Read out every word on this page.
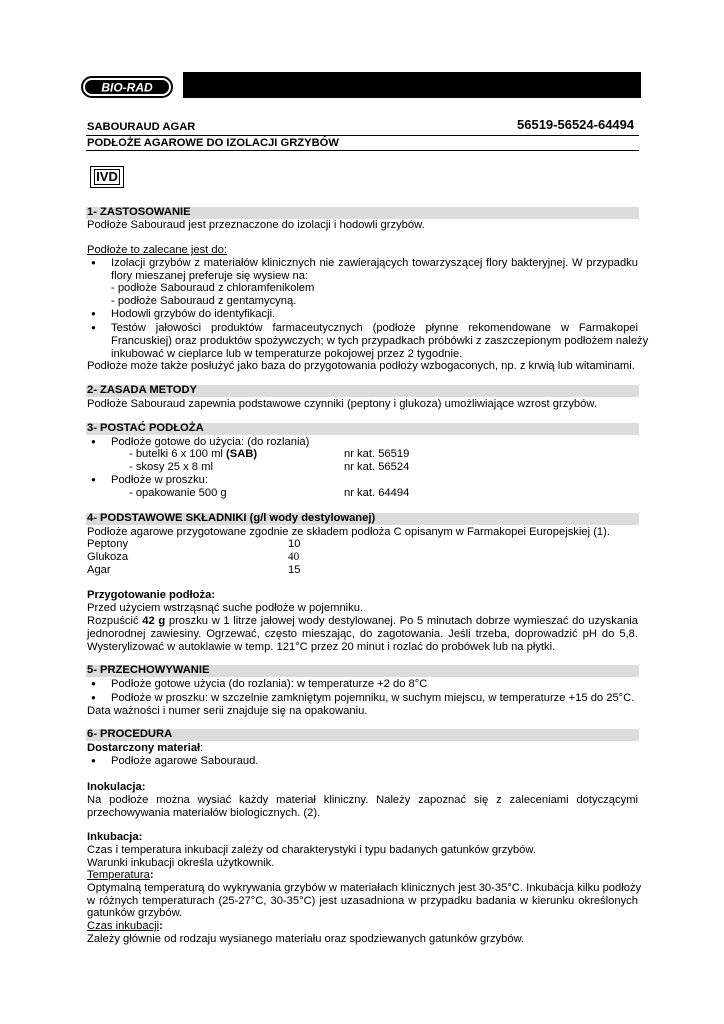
BIO-RAD
SABOURAUD AGAR	56519-56524-64494
PODŁOŻE AGAROWE DO IZOLACJI GRZYBÓW
IVD
1- ZASTOSOWANIE
Podłoże Sabouraud jest przeznaczone do izolacji i hodowli grzybów.
Podłoże to zalecane jest do:
● Izolacji grzybów z materiałów klinicznych nie zawierających towarzyszącej flory bakteryjnej. W przypadku
flory mieszanej preferuje się wysiew na:
- podłoże Sabouraud z chloramfenikolem
- podłoże Sabouraud z gentamycyną.
● Hodowli grzybów do identyfikacji.
● Testów jałowości produktów farmaceutycznych (podłoże płynne rekomendowane w Farmakopei
Francuskiej) oraz produktów spożywczych; w tych przypadkach próbówki z zaszczepionym podłożem należy
inkubować w cieplarce lub w temperaturze pokojowej przez 2 tygodnie.
Podłoże może także posłużyć jako baza do przygotowania podłoży wzbogaconych, np. z krwią lub witaminami.
2- ZASADA METODY
Podłoże Sabouraud zapewnia podstawowe czynniki (peptony i glukoza) umożliwiające wzrost grzybów.
3- POSTAĆ PODŁOŻA
● Podłoże gotowe do użycia: (do rozlania)
- butelki 6 x 100 ml (SAB)	nr kat. 56519
- skosy 25 x 8 ml	nr kat. 56524
● Podłoże w proszku:
- opakowanie 500 g	nr kat. 64494
4- PODSTAWOWE SKŁADNIKI (g/l wody destylowanej)
Podłoże agarowe przygotowane zgodnie ze składem podłoża C opisanym w Farmakopei Europejskiej (1).
Peptony	10
Glukoza	40
Agar	15
Przygotowanie podłoża:
Przed użyciem wstrząsnąć suche podłoże w pojemniku.
Rozpuścić 42 g proszku w 1 litrze jałowej wody destylowanej. Po 5 minutach dobrze wymieszać do uzyskania
jednorodnej zawiesiny. Ogrzewać, często mieszając, do zagotowania. Jeśli trzeba, doprowadzić pH do 5,8.
Wysterylizować w autoklawie w temp. 121°C przez 20 minut i rozlać do probówek lub na płytki.
5- PRZECHOWYWANIE
● Podłoże gotowe użycia (do rozlania): w temperaturze +2 do 8°C
● Podłoże w proszku: w szczelnie zamkniętym pojemniku, w suchym miejscu, w temperaturze +15 do 25°C.
Data ważności i numer serii znajduje się na opakowaniu.
6- PROCEDURA
Dostarczony materiał:
● Podłoże agarowe Sabouraud.
Inokulacja:
Na podłoże można wysiać każdy materiał kliniczny. Należy zapoznać się z zaleceniami dotyczącymi
przechowywania materiałów biologicznych. (2).
Inkubacja:
Czas i temperatura inkubacji zależy od charakterystyki i typu badanych gatunków grzybów.
Warunki inkubacji określa użytkownik.
Temperatura:
Optymalną temperaturą do wykrywania grzybów w materiałach klinicznych jest 30-35°C. Inkubacja kilku podłoży
w różnych temperaturach (25-27°C, 30-35°C) jest uzasadniona w przypadku badania w kierunku określonych
gatunków grzybów.
Czas inkubacji:
Zależy głównie od rodzaju wysianego materiału oraz spodziewanych gatunków grzybów.
